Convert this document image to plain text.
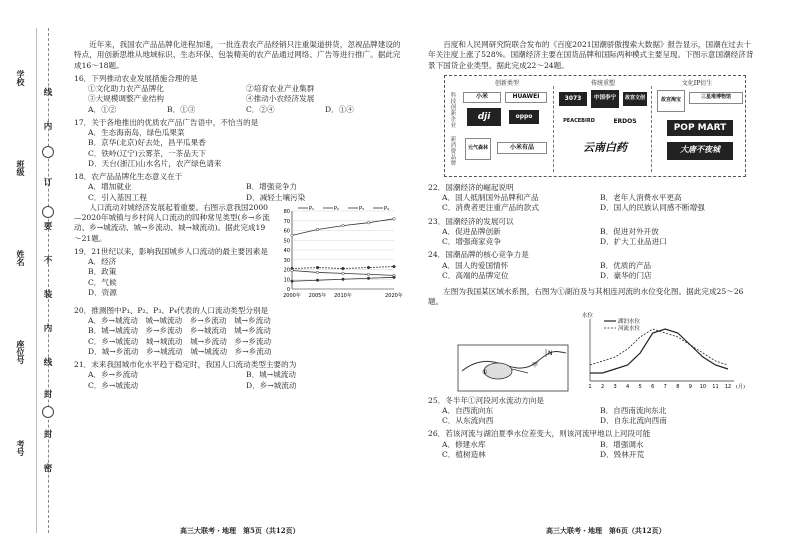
线
内
订
要
不
装
内
线
封
封
密
学校
班级
姓名
座位号
考号

近年来，我国农产品品牌化进程加速，一批连表农产品经销只注重渠道拼货，忽视品牌建设的特点，用创新思维从地域标识、生态环保、包装精美的农产品通过网络、广告等进行推广。据此完成16～18题。

16．下列推动农业发展措施合理的是
①文化助力农产品牌化	②培育农业产业集群
③大规模调整产业结构	④推动小农经济发展
A．①②	B．①③	C．②④	D．①④
17．关于各地推出的优质农产品广告语中，不恰当的是
A．生态海南岛，绿色瓜果菜
B．京华(北京)好去处，昌平瓜果香
C．铁岭(辽宁)云雾茶，一茶品天下
D．天台(浙江)山水名片，农产绿色请来
18．农产品品牌化生态意义在于
A．增加就业	B．增强竞争力
C．引入基因工程	D．减轻土壤污染

人口流动对城经济发展起着重要。右图示意我国2000—2020年城镇与乡村间人口流动的四种常见类型(乡→乡流动、乡→城流动、城→乡流动、城→城流动)。据此完成19～21题。

19．21世纪以来，影响我国城乡人口流动的最主要因素是
A．经济
B．政策
C．气候
D．资源	0
10
20
30
40
50
60
70
80
2000年 2005年 2010年	2020年
P₁	P₂	P₃	P₄
20．推测图中P₁、P₂、P₃、P₄代表的人口流动类型分别是
A．乡→城流动　城→城流动　乡→乡流动　城→乡流动
B．城→城流动　乡→乡流动　乡→城流动　城→乡流动
C．乡→城流动　城→城流动　城→乡流动　乡→乡流动
D．城→乡流动　乡→城流动　城→城流动　乡→乡流动
21．未来我国城市化水平趋于稳定时，我国人口流动类型主要的为
A．乡→乡流动	B．城→城流动
C．乡→城流动	D．乡→城流动
高三大联考・地理　第5页（共12页）

百度和人民网研究院联合发布的《百度2021国潮骄傲搜索大数据》报告显示，国潮在过去十年关注度上涨了528%。国潮经济主要在国货品牌和国际两种模式主要呈现。下图示意国潮经济背景下国货企业类型。据此完成22～24题。

创新类型	传统重塑	文化IP衍生
科技创新企业
新消费品牌
小米	HUAWEI
dji	oppo
元气森林	小米有品
3073	中国李宁	故宫文创
PEACEBIRD	ERDOS
云南白药
故宫淘宝	三星堆博物馆
POP MART
大唐不夜城
22．国潮经济的崛起说明
A．国人抵制国外品牌和产品	B．老年人消费水平更高
C．消费者更注重产品的款式	D．国人的民族认同感不断增强
23．国潮经济的发展可以
A．促进品牌创新	B．促进对外开放
C．增强商家竞争	D．扩大工业品进口
24．国潮品牌的核心竞争力是
A．国人的爱国情怀	B．优质的产品
C．高端的品牌定位	D．豪华的门店

左图为我国某区域水系图，右图为①湖泊及与其相连河流的水位变化图。据此完成25～26题。

N
①
甲
水位
1 2 3 4 5 6 7 8 9 10 11 12 (月)
湖泊水位
河流水位
25．冬半年①河段河水流动方向是
A．自西流向东	B．自西南流向东北
C．从东流向西	D．自东北流向西南
26．若该河流与湖泊夏季水位差变大，则该河流甲地以上河段可能
A．修建水库	B．增强调水
C．植树造林	D．毁林开荒
高三大联考・地理　第6页（共12页）
